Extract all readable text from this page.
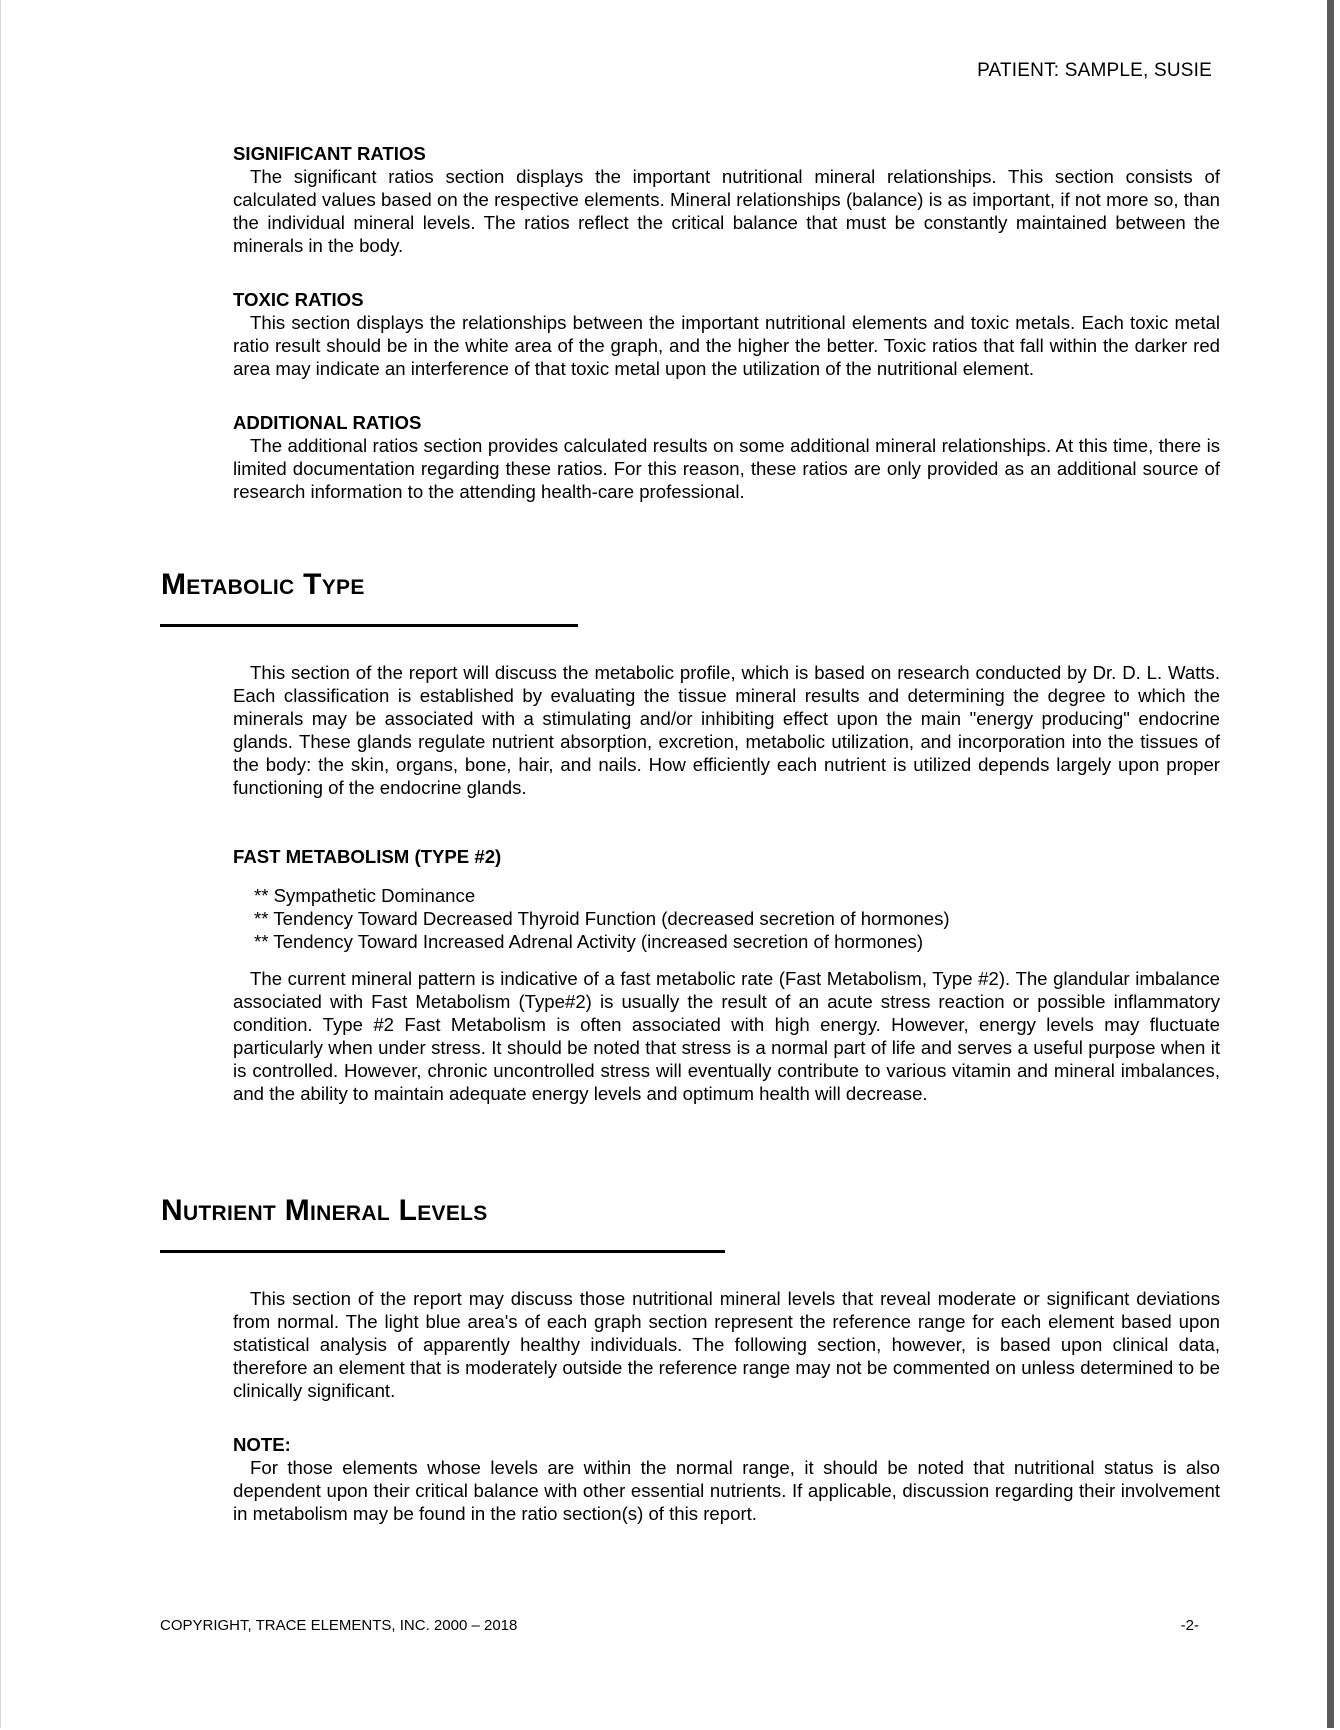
PATIENT: SAMPLE, SUSIE
SIGNIFICANT RATIOS

The significant ratios section displays the important nutritional mineral relationships. This section consists of calculated values based on the respective elements. Mineral relationships (balance) is as important, if not more so, than the individual mineral levels. The ratios reflect the critical balance that must be constantly maintained between the minerals in the body.

TOXIC RATIOS

This section displays the relationships between the important nutritional elements and toxic metals. Each toxic metal ratio result should be in the white area of the graph, and the higher the better. Toxic ratios that fall within the darker red area may indicate an interference of that toxic metal upon the utilization of the nutritional element.

ADDITIONAL RATIOS

The additional ratios section provides calculated results on some additional mineral relationships. At this time, there is limited documentation regarding these ratios. For this reason, these ratios are only provided as an additional source of research information to the attending health-care professional.

Metabolic Type

This section of the report will discuss the metabolic profile, which is based on research conducted by Dr. D. L. Watts. Each classification is established by evaluating the tissue mineral results and determining the degree to which the minerals may be associated with a stimulating and/or inhibiting effect upon the main "energy producing" endocrine glands. These glands regulate nutrient absorption, excretion, metabolic utilization, and incorporation into the tissues of the body: the skin, organs, bone, hair, and nails. How efficiently each nutrient is utilized depends largely upon proper functioning of the endocrine glands.

FAST METABOLISM (TYPE #2)
** Sympathetic Dominance
** Tendency Toward Decreased Thyroid Function (decreased secretion of hormones)
** Tendency Toward Increased Adrenal Activity (increased secretion of hormones)

The current mineral pattern is indicative of a fast metabolic rate (Fast Metabolism, Type #2). The glandular imbalance associated with Fast Metabolism (Type#2) is usually the result of an acute stress reaction or possible inflammatory condition. Type #2 Fast Metabolism is often associated with high energy. However, energy levels may fluctuate particularly when under stress. It should be noted that stress is a normal part of life and serves a useful purpose when it is controlled. However, chronic uncontrolled stress will eventually contribute to various vitamin and mineral imbalances, and the ability to maintain adequate energy levels and optimum health will decrease.

Nutrient Mineral Levels

This section of the report may discuss those nutritional mineral levels that reveal moderate or significant deviations from normal. The light blue area's of each graph section represent the reference range for each element based upon statistical analysis of apparently healthy individuals. The following section, however, is based upon clinical data, therefore an element that is moderately outside the reference range may not be commented on unless determined to be clinically significant.

NOTE:

For those elements whose levels are within the normal range, it should be noted that nutritional status is also dependent upon their critical balance with other essential nutrients. If applicable, discussion regarding their involvement in metabolism may be found in the ratio section(s) of this report.

COPYRIGHT, TRACE ELEMENTS, INC. 2000 – 2018	-2-
